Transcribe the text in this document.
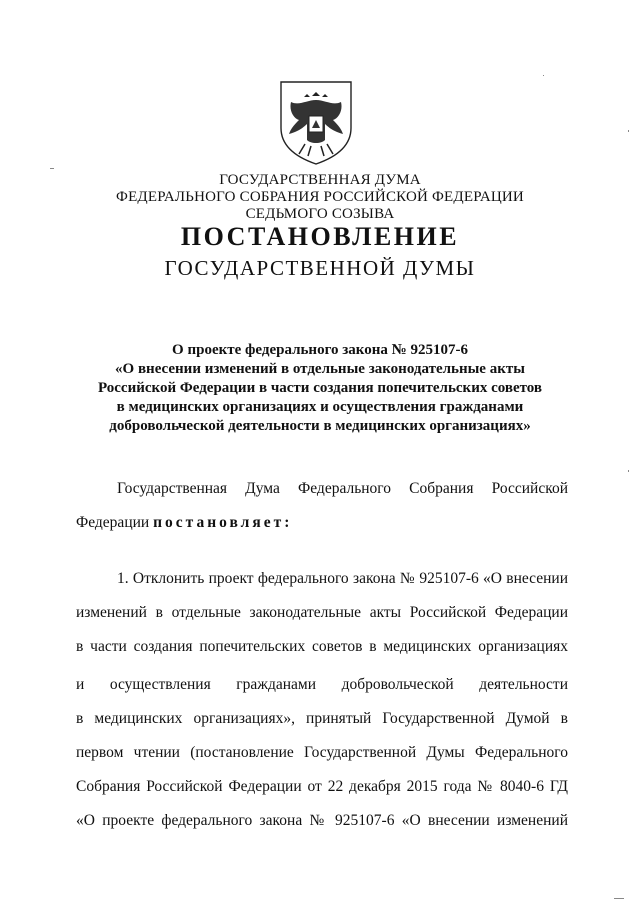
ГОСУДАРСТВЕННАЯ ДУМА
ФЕДЕРАЛЬНОГО СОБРАНИЯ РОССИЙСКОЙ ФЕДЕРАЦИИ
СЕДЬМОГО СОЗЫВА
ПОСТАНОВЛЕНИЕ
ГОСУДАРСТВЕННОЙ ДУМЫ
О проекте федерального закона № 925107-6
«О внесении изменений в отдельные законодательные акты
Российской Федерации в части создания попечительских советов
в медицинских организациях и осуществления гражданами
добровольческой деятельности в медицинских организациях»
Государственная Дума Федерального Собрания Российской
Федерации постановляет:
1. Отклонить проект федерального закона № 925107-6 «О внесении
изменений в отдельные законодательные акты Российской Федерации
в части создания попечительских советов в медицинских организациях
и осуществления гражданами добровольческой деятельности
в медицинских организациях», принятый Государственной Думой в
первом чтении (постановление Государственной Думы Федерального
Собрания Российской Федерации от 22 декабря 2015 года № 8040-6 ГД
«О проекте федерального закона № 925107-6 «О внесении изменений
